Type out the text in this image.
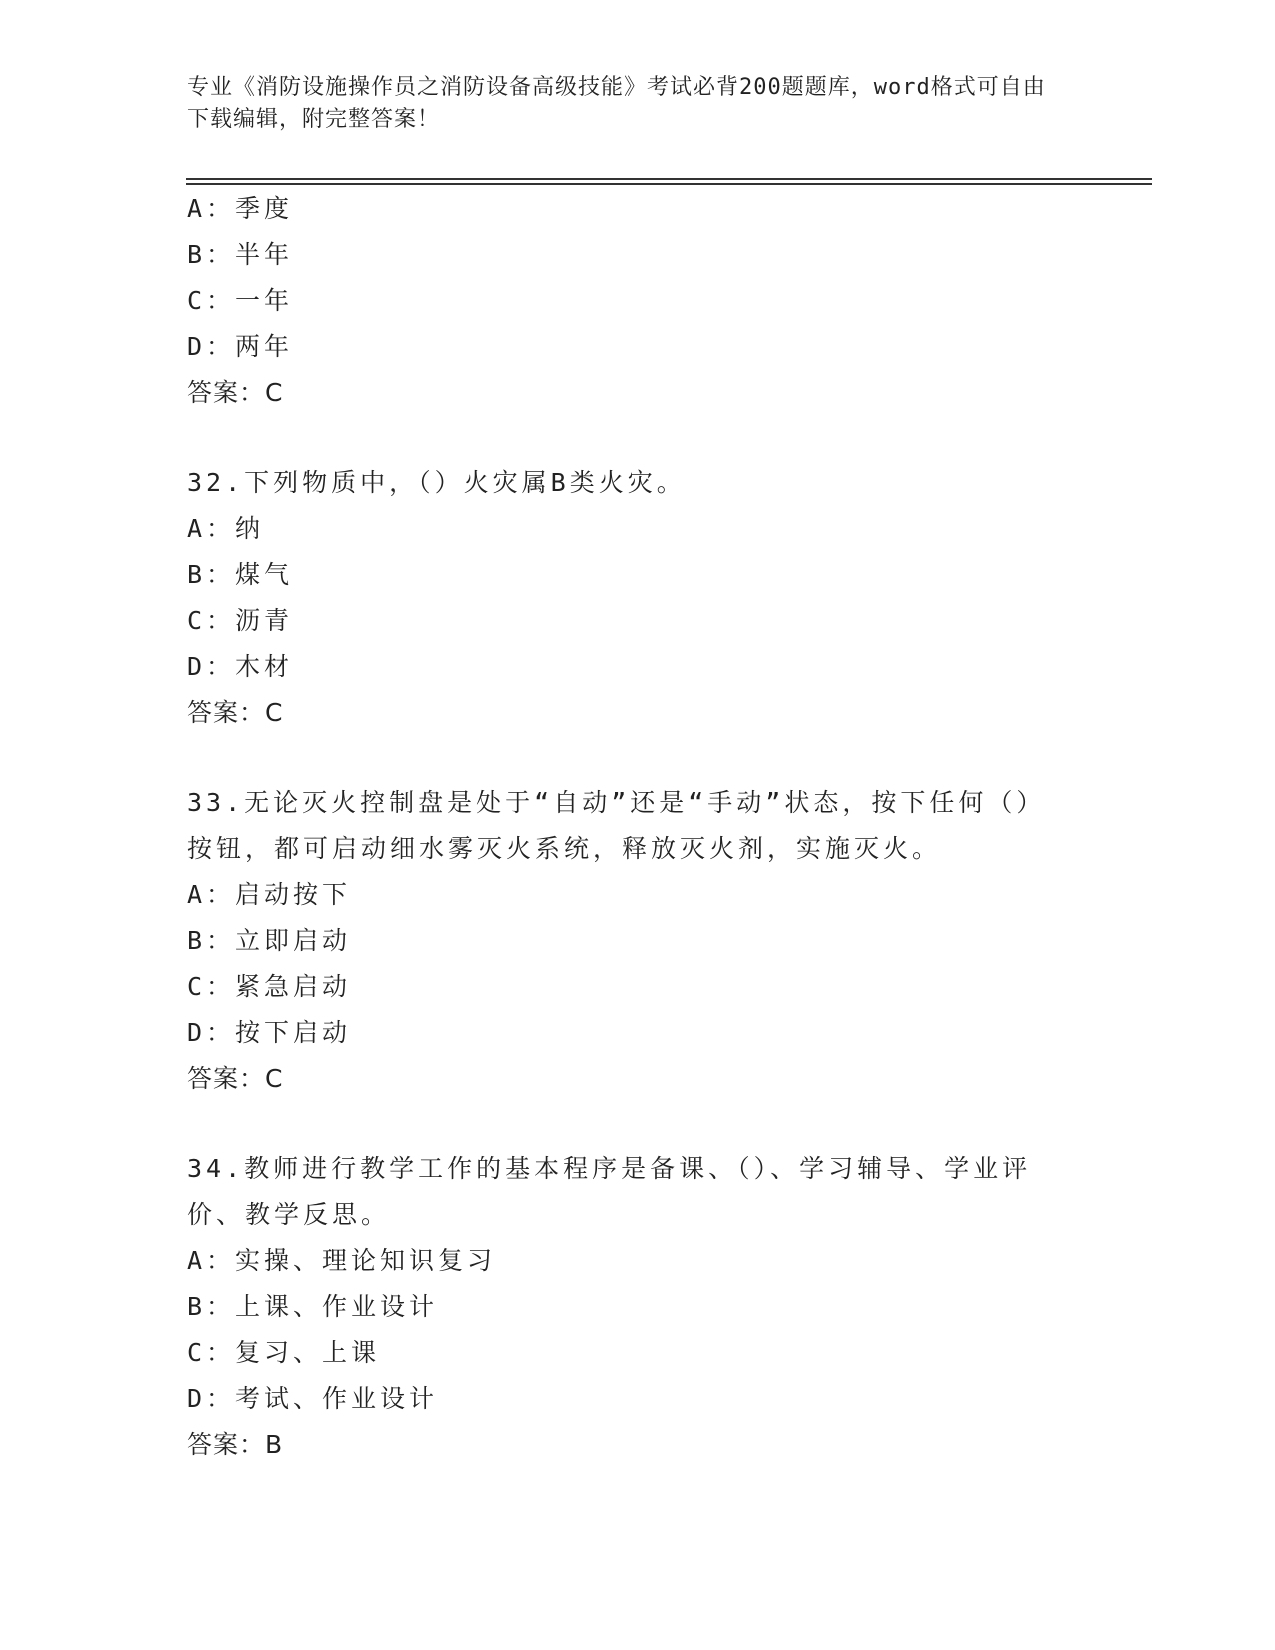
专业《消防设施操作员之消防设备高级技能》考试必背200题题库，word格式可自由下载编辑，附完整答案！
A：季度
B：半年
C：一年
D：两年
答案：C
32.下列物质中，（）火灾属B类火灾。
A：纳
B：煤气
C：沥青
D：木材
答案：C
33.无论灭火控制盘是处于“自动”还是“手动”状态，按下任何（）按钮，都可启动细水雾灭火系统，释放灭火剂，实施灭火。
A：启动按下
B：立即启动
C：紧急启动
D：按下启动
答案：C
34.教师进行教学工作的基本程序是备课、（）、学习辅导、学业评价、教学反思。
A：实操、理论知识复习
B：上课、作业设计
C：复习、上课
D：考试、作业设计
答案：B
